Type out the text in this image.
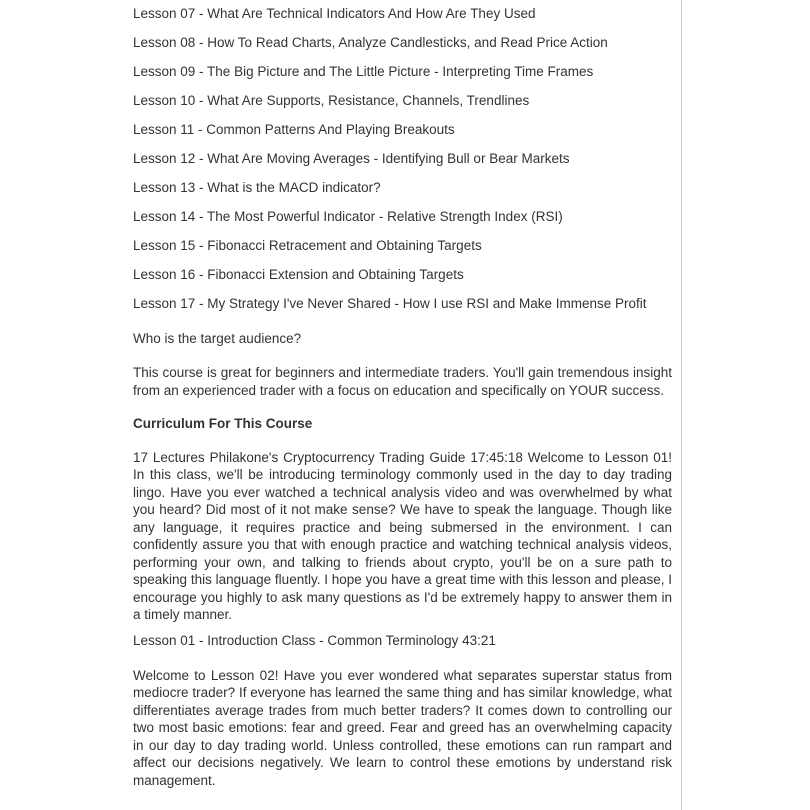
Lesson 07 - What Are Technical Indicators And How Are They Used

Lesson 08 - How To Read Charts, Analyze Candlesticks, and Read Price Action

Lesson 09 - The Big Picture and The Little Picture - Interpreting Time Frames

Lesson 10 - What Are Supports, Resistance, Channels, Trendlines

Lesson 11 - Common Patterns And Playing Breakouts

Lesson 12 - What Are Moving Averages - Identifying Bull or Bear Markets

Lesson 13 - What is the MACD indicator?

Lesson 14 - The Most Powerful Indicator - Relative Strength Index (RSI)

Lesson 15 - Fibonacci Retracement and Obtaining Targets

Lesson 16 - Fibonacci Extension and Obtaining Targets

Lesson 17 - My Strategy I've Never Shared - How I use RSI and Make Immense Profit

Who is the target audience?

This course is great for beginners and intermediate traders. You'll gain tremendous insight from an experienced trader with a focus on education and specifically on YOUR success.

Curriculum For This Course

17 Lectures Philakone's Cryptocurrency Trading Guide 17:45:18 Welcome to Lesson 01! In this class, we'll be introducing terminology commonly used in the day to day trading lingo. Have you ever watched a technical analysis video and was overwhelmed by what you heard? Did most of it not make sense? We have to speak the language. Though like any language, it requires practice and being submersed in the environment. I can confidently assure you that with enough practice and watching technical analysis videos, performing your own, and talking to friends about crypto, you'll be on a sure path to speaking this language fluently. I hope you have a great time with this lesson and please, I encourage you highly to ask many questions as I'd be extremely happy to answer them in a timely manner.

Lesson 01 - Introduction Class - Common Terminology 43:21

Welcome to Lesson 02! Have you ever wondered what separates superstar status from mediocre trader? If everyone has learned the same thing and has similar knowledge, what differentiates average trades from much better traders? It comes down to controlling our two most basic emotions: fear and greed. Fear and greed has an overwhelming capacity in our day to day trading world. Unless controlled, these emotions can run rampart and affect our decisions negatively. We learn to control these emotions by understand risk management.
